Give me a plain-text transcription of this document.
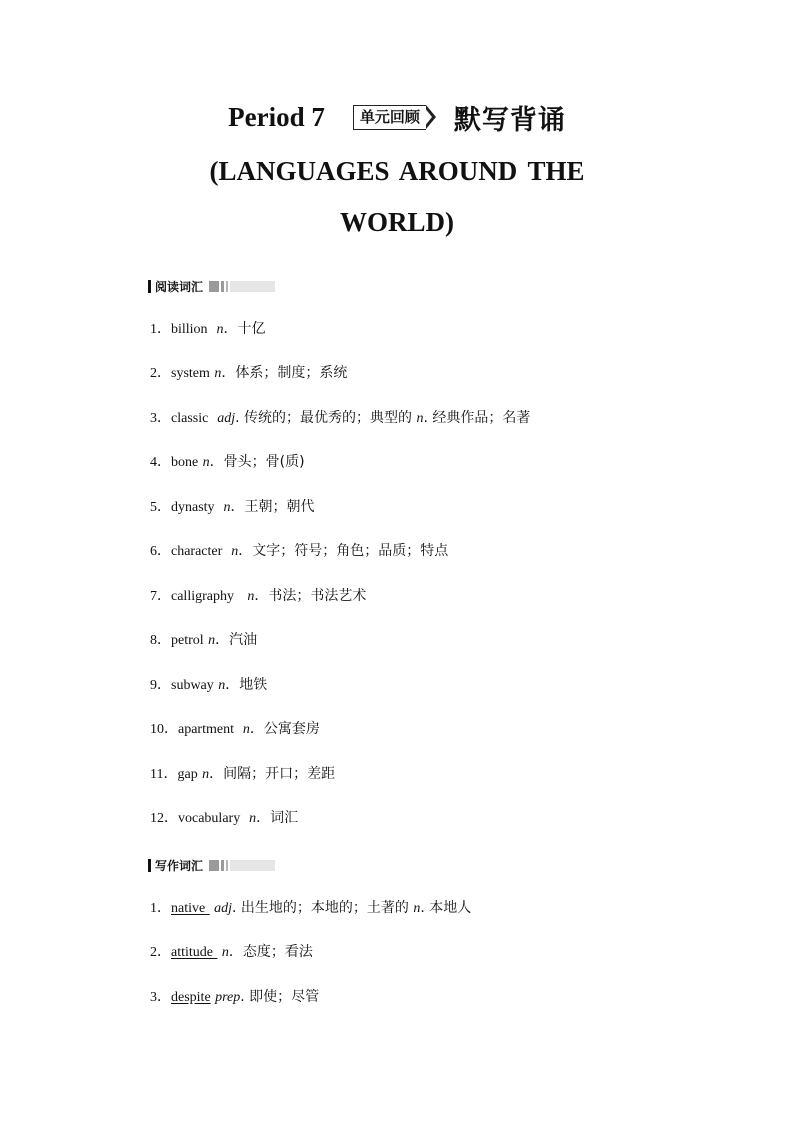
Period 7	单元回顾 默写背诵
(LANGUAGES AROUND THE
WORLD)
阅读词汇
1．billion n．十亿
2．system n．体系；制度；系统
3．classic adj. 传统的；最优秀的；典型的 n. 经典作品；名著
4．bone n．骨头；骨(质)
5．dynasty n．王朝；朝代
6．character n．文字；符号；角色；品质；特点
7．calligraphy n．书法；书法艺术
8．petrol n．汽油
9．subway n．地铁
10．apartment n．公寓套房
11．gap n．间隔；开口；差距
12．vocabulary n．词汇
写作词汇
1．native adj. 出生地的；本地的；土著的 n. 本地人
2．attitude n．态度；看法
3．despite prep. 即使；尽管
